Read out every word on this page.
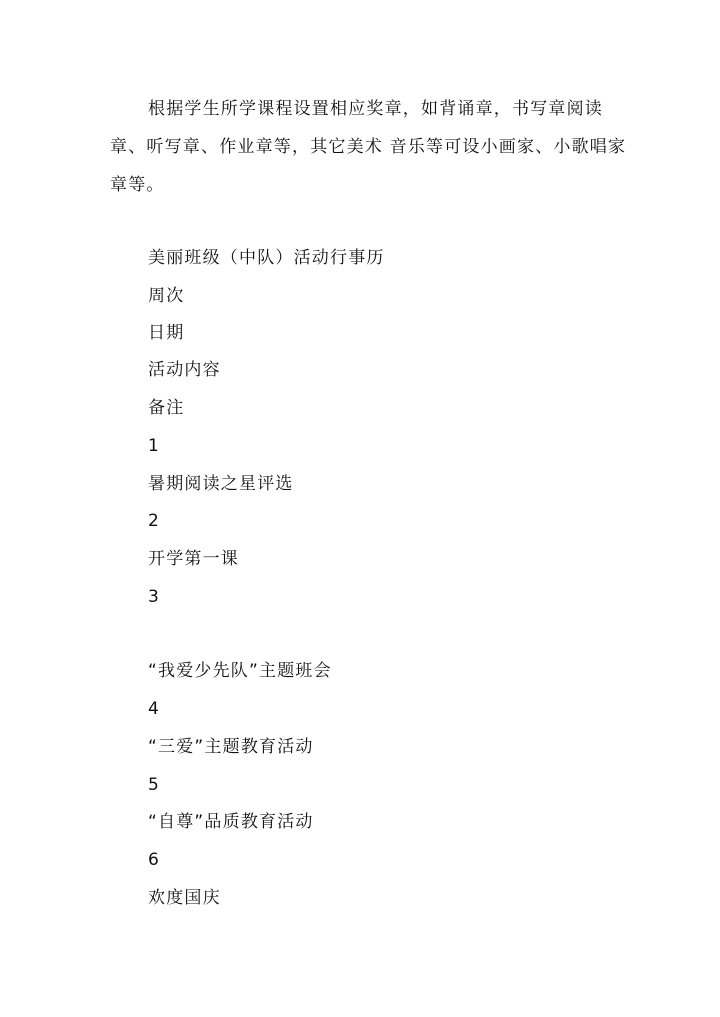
根据学生所学课程设置相应奖章，如背诵章，书写章阅读章、听写章、作业章等，其它美术 音乐等可设小画家、小歌唱家章等。

美丽班级（中队）活动行事历
周次
日期
活动内容
备注
1
暑期阅读之星评选
2
开学第一课
3
“我爱少先队”主题班会
4
“三爱”主题教育活动
5
“自尊”品质教育活动
6
欢度国庆
